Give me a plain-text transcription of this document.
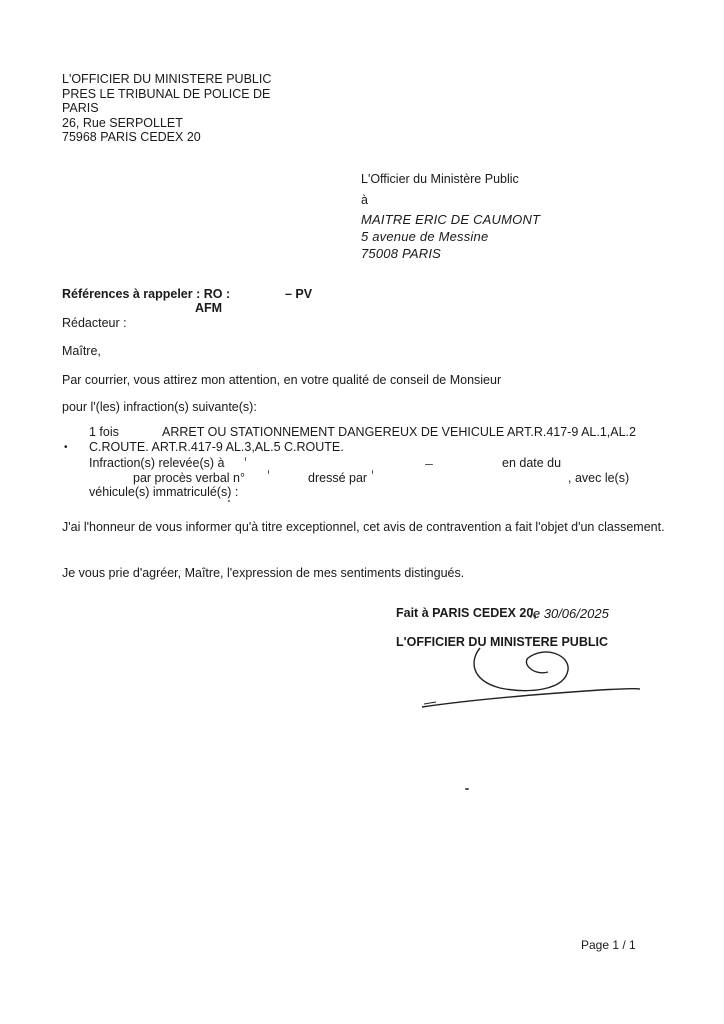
L'OFFICIER DU MINISTERE PUBLIC
PRES LE TRIBUNAL DE POLICE DE
PARIS
26, Rue SERPOLLET
75968 PARIS CEDEX 20
L'Officier du Ministère Public
à
MAITRE ERIC DE CAUMONT
5 avenue de Messine
75008 PARIS
Références à rappeler : RO :	– PV
AFM
Rédacteur :
Maître,
Par courrier, vous attirez mon attention, en votre qualité de conseil de Monsieur
pour l'(les) infraction(s) suivante(s):
1 fois	ARRET OU STATIONNEMENT DANGEREUX DE VEHICULE ART.R.417-9 AL.1,AL.2
• C.ROUTE. ART.R.417-9 AL.3,AL.5 C.ROUTE.
Infraction(s) relevée(s) à	en date du
par procès verbal n°	dressé par	, avec le(s)
véhicule(s) immatriculé(s) :
J'ai l'honneur de vous informer qu'à titre exceptionnel, cet avis de contravention a fait l'objet d'un classement.
Je vous prie d'agréer, Maître, l'expression de mes sentiments distingués.
Fait à PARIS CEDEX 20,
le 30/06/2025
L'OFFICIER DU MINISTERE PUBLIC
Page 1 / 1
